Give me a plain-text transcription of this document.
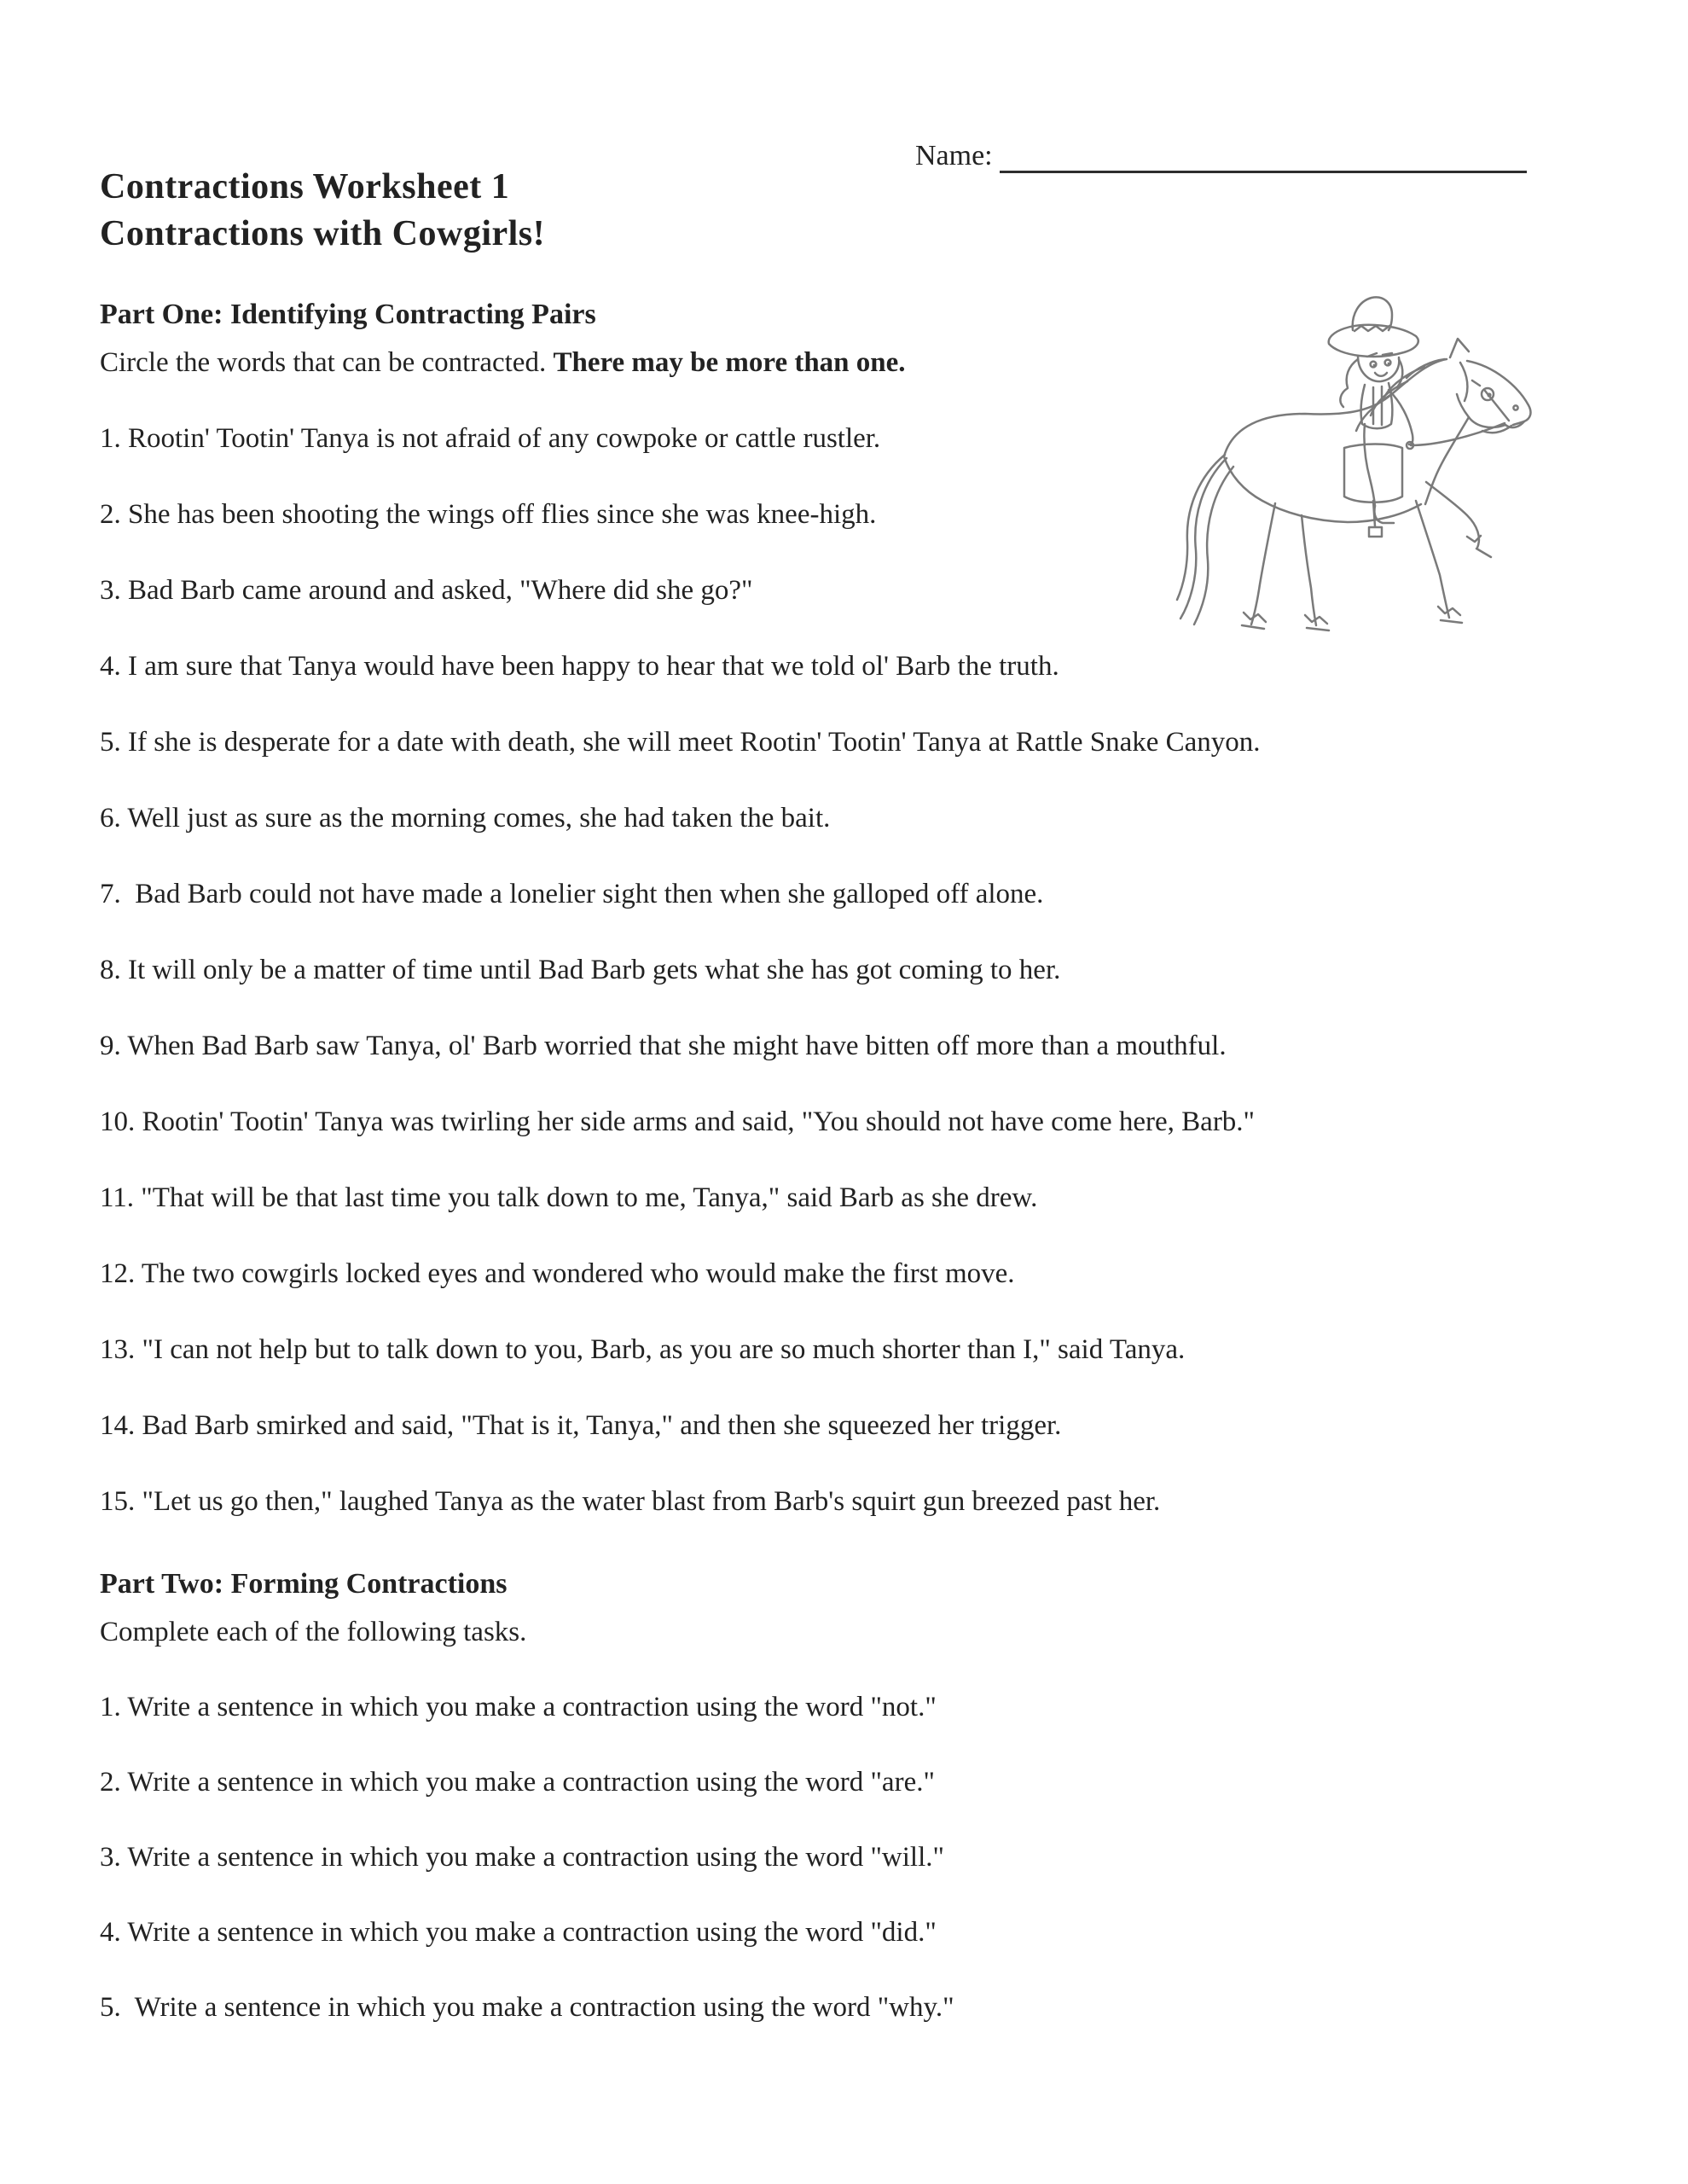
Name:
Contractions Worksheet 1
Contractions with Cowgirls!
Part One: Identifying Contracting Pairs
Circle the words that can be contracted. There may be more than one.

1. Rootin' Tootin' Tanya is not afraid of any cowpoke or cattle rustler.

2. She has been shooting the wings off flies since she was knee-high.

3. Bad Barb came around and asked, "Where did she go?"

4. I am sure that Tanya would have been happy to hear that we told ol' Barb the truth.

5. If she is desperate for a date with death, she will meet Rootin' Tootin' Tanya at Rattle Snake Canyon.

6. Well just as sure as the morning comes, she had taken the bait.

7.  Bad Barb could not have made a lonelier sight then when she galloped off alone.

8. It will only be a matter of time until Bad Barb gets what she has got coming to her.

9. When Bad Barb saw Tanya, ol' Barb worried that she might have bitten off more than a mouthful.

10. Rootin' Tootin' Tanya was twirling her side arms and said, "You should not have come here, Barb."

11. "That will be that last time you talk down to me, Tanya," said Barb as she drew.

12. The two cowgirls locked eyes and wondered who would make the first move.

13. "I can not help but to talk down to you, Barb, as you are so much shorter than I," said Tanya.

14. Bad Barb smirked and said, "That is it, Tanya," and then she squeezed her trigger.

15. "Let us go then," laughed Tanya as the water blast from Barb's squirt gun breezed past her.

Part Two: Forming Contractions
Complete each of the following tasks.

1. Write a sentence in which you make a contraction using the word "not."

2. Write a sentence in which you make a contraction using the word "are."

3. Write a sentence in which you make a contraction using the word "will."

4. Write a sentence in which you make a contraction using the word "did."

5.  Write a sentence in which you make a contraction using the word "why."
